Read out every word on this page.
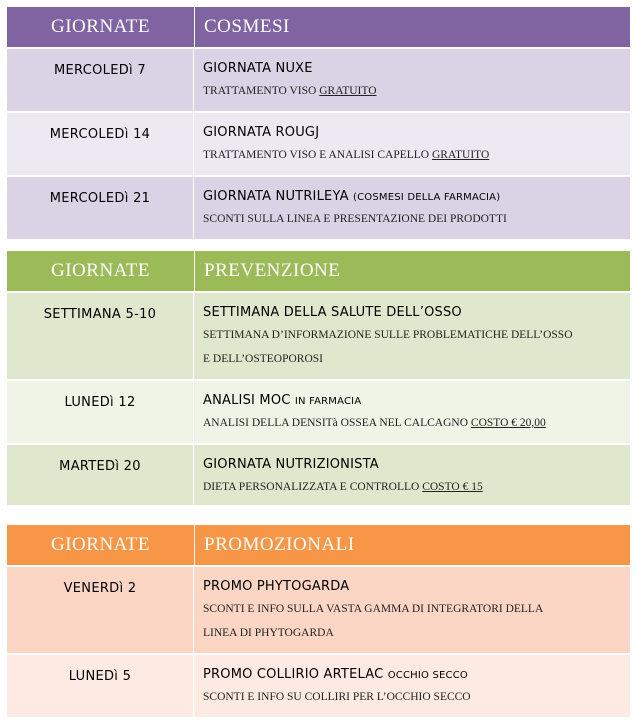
GIORNATE	COSMESI
MERCOLEDì 7	GIORNATA NUXE
TRATTAMENTO VISO GRATUITO
MERCOLEDì 14	GIORNATA ROUGJ
TRATTAMENTO VISO E ANALISI CAPELLO GRATUITO
MERCOLEDì 21	GIORNATA NUTRILEYA (COSMESI DELLA FARMACIA)
SCONTI SULLA LINEA E PRESENTAZIONE DEI PRODOTTI
GIORNATE	PREVENZIONE
SETTIMANA 5-10	SETTIMANA DELLA SALUTE DELL’OSSO
SETTIMANA D’INFORMAZIONE SULLE PROBLEMATICHE DELL’OSSO
E DELL’OSTEOPOROSI
LUNEDì 12	ANALISI MOC IN FARMACIA
ANALISI DELLA DENSITà OSSEA NEL CALCAGNO COSTO € 20,00
MARTEDì 20	GIORNATA NUTRIZIONISTA
DIETA PERSONALIZZATA E CONTROLLO COSTO € 15
GIORNATE	PROMOZIONALI
VENERDì 2	PROMO PHYTOGARDA
SCONTI E INFO SULLA VASTA GAMMA DI INTEGRATORI DELLA
LINEA DI PHYTOGARDA
LUNEDì 5	PROMO COLLIRIO ARTELAC OCCHIO SECCO
SCONTI E INFO SU COLLIRI PER L’OCCHIO SECCO
